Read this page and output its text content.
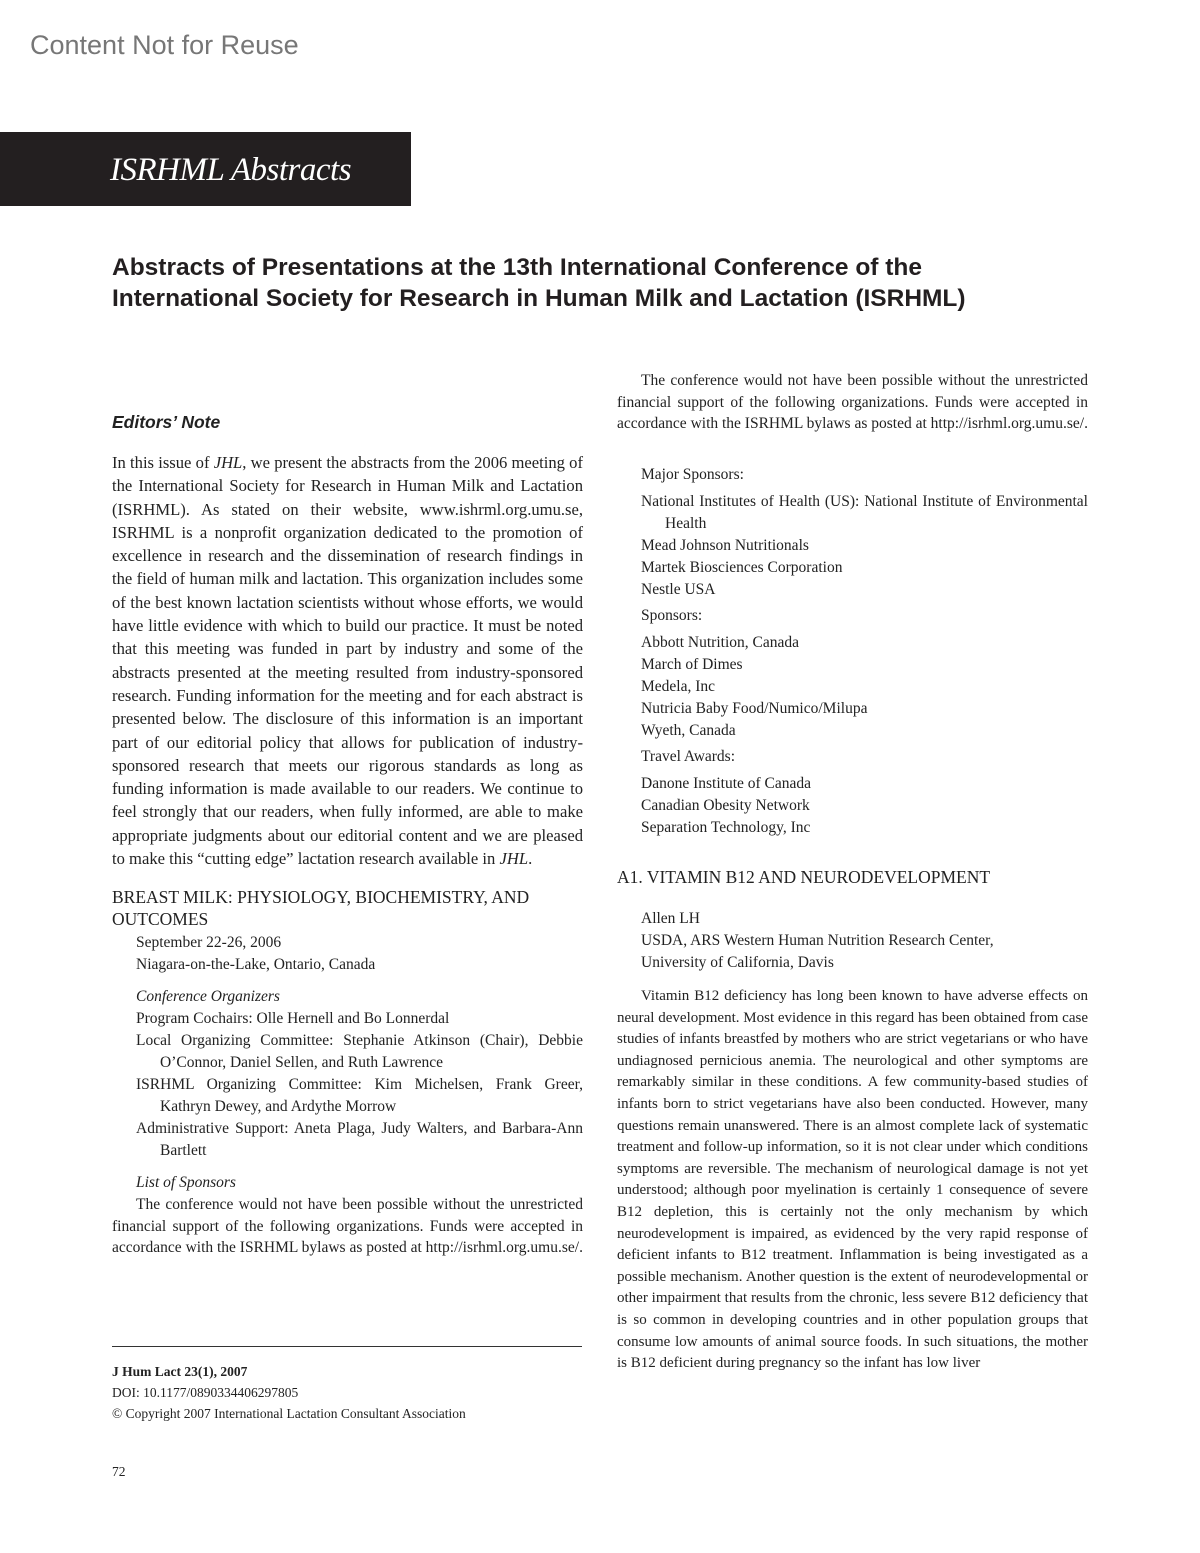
Content Not for Reuse
ISRHML Abstracts
Abstracts of Presentations at the 13th International Conference of the International Society for Research in Human Milk and Lactation (ISRHML)
Editors’ Note

In this issue of JHL, we present the abstracts from the 2006 meeting of the International Society for Research in Human Milk and Lactation (ISRHML). As stated on their website, www.ishrml.org.umu.se, ISRHML is a nonprofit organization dedicated to the promotion of excellence in research and the dissemination of research findings in the field of human milk and lactation. This organization includes some of the best known lactation scientists without whose efforts, we would have little evidence with which to build our practice. It must be noted that this meeting was funded in part by industry and some of the abstracts presented at the meeting resulted from industry-sponsored research. Funding information for the meeting and for each abstract is presented below. The disclosure of this information is an important part of our editorial policy that allows for publication of industry-sponsored research that meets our rigorous standards as long as funding information is made available to our readers. We continue to feel strongly that our readers, when fully informed, are able to make appropriate judgments about our editorial content and we are pleased to make this “cutting edge” lactation research available in JHL.

BREAST MILK: PHYSIOLOGY, BIOCHEMISTRY, AND OUTCOMES
September 22-26, 2006
Niagara-on-the-Lake, Ontario, Canada
Conference Organizers
Program Cochairs: Olle Hernell and Bo Lonnerdal
Local Organizing Committee: Stephanie Atkinson (Chair), Debbie O’Connor, Daniel Sellen, and Ruth Lawrence
ISRHML Organizing Committee: Kim Michelsen, Frank Greer, Kathryn Dewey, and Ardythe Morrow
Administrative Support: Aneta Plaga, Judy Walters, and Barbara-Ann Bartlett
List of Sponsors

The conference would not have been possible without the unrestricted financial support of the following organizations. Funds were accepted in accordance with the ISRHML bylaws as posted at http://isrhml.org.umu.se/.

The conference would not have been possible without the unrestricted financial support of the following organizations. Funds were accepted in accordance with the ISRHML bylaws as posted at http://isrhml.org.umu.se/.

Major Sponsors:
National Institutes of Health (US): National Institute of Environmental Health
Mead Johnson Nutritionals
Martek Biosciences Corporation
Nestle USA
Sponsors:
Abbott Nutrition, Canada
March of Dimes
Medela, Inc
Nutricia Baby Food/Numico/Milupa
Wyeth, Canada
Travel Awards:
Danone Institute of Canada
Canadian Obesity Network
Separation Technology, Inc
A1. VITAMIN B12 AND NEURODEVELOPMENT
Allen LH
USDA, ARS Western Human Nutrition Research Center,
University of California, Davis

Vitamin B12 deficiency has long been known to have adverse effects on neural development. Most evidence in this regard has been obtained from case studies of infants breastfed by mothers who are strict vegetarians or who have undiagnosed pernicious anemia. The neurological and other symptoms are remarkably similar in these conditions. A few community-based studies of infants born to strict vegetarians have also been conducted. However, many questions remain unanswered. There is an almost complete lack of systematic treatment and follow-up information, so it is not clear under which conditions symptoms are reversible. The mechanism of neurological damage is not yet understood; although poor myelination is certainly 1 consequence of severe B12 depletion, this is certainly not the only mechanism by which neurodevelopment is impaired, as evidenced by the very rapid response of deficient infants to B12 treatment. Inflammation is being investigated as a possible mechanism. Another question is the extent of neurodevelopmental or other impairment that results from the chronic, less severe B12 deficiency that is so common in developing countries and in other population groups that consume low amounts of animal source foods. In such situations, the mother is B12 deficient during pregnancy so the infant has low liver

J Hum Lact 23(1), 2007
DOI: 10.1177/0890334406297805
© Copyright 2007 International Lactation Consultant Association
72
